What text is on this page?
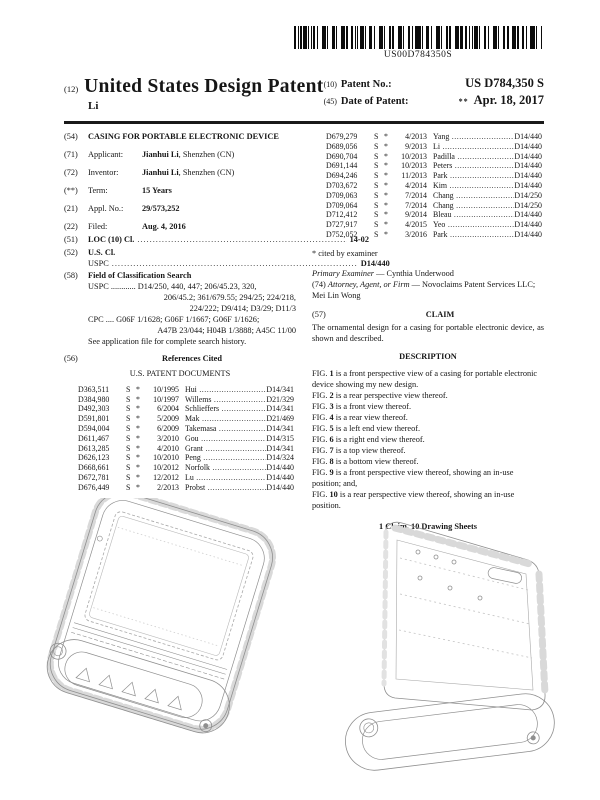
US00D784350S
(12) United States Design Patent
Li
(10) Patent No.:	US D784,350 S
(45) Date of Patent:	** Apr. 18, 2017
(54)	CASING FOR PORTABLE ELECTRONIC DEVICE
(71)	Applicant: Jianhui Li, Shenzhen (CN)
(72)	Inventor:	Jianhui Li, Shenzhen (CN)
(**)	Term:	15 Years
(21)	Appl. No.: 29/573,252
(22)	Filed:	Aug. 4, 2016
(51)	LOC (10) Cl. .....	14-02
(52)	U.S. Cl.
USPC .....	D14/440
(58)	Field of Classification Search
USPC ............ D14/250, 440, 447; 206/45.23, 320,
206/45.2; 361/679.55; 294/25; 224/218,
224/222; D9/414; D3/29; D11/3
CPC .... G06F 1/1628; G06F 1/1667; G06F 1/1626;
A47B 23/044; H04B 1/3888; A45C 11/00
See application file for complete search history.
(56)	References Cited
U.S. PATENT DOCUMENTS
D363,511	S *	10/1995 Hui .....	D14/341
D384,980	S *	10/1997 Willems .....	D21/329
D492,303	S *	6/2004 Schlieffers .....	D14/341
D591,801	S *	5/2009 Mak .....	D21/469
D594,004	S *	6/2009 Takemasa .....	D14/341
D611,467	S *	3/2010 Gou .....	D14/315
D613,285	S *	4/2010 Grant .....	D14/341
D626,123	S *	10/2010 Peng .....	D14/324
D668,661	S *	10/2012 Norfolk .....	D14/440
D672,781	S *	12/2012 Lu .....	D14/440
D676,449	S *	2/2013 Probst .....	D14/440
D679,279	S *	4/2013 Yang .....	D14/440
D689,056	S *	9/2013 Li .....	D14/440
D690,704	S *	10/2013 Padilla .....	D14/440
D691,144	S *	10/2013 Peters .....	D14/440
D694,246	S *	11/2013 Park .....	D14/440
D703,672	S *	4/2014 Kim .....	D14/440
D709,063	S *	7/2014 Chang .....	D14/250
D709,064	S *	7/2014 Chang .....	D14/250
D712,412	S *	9/2014 Bleau .....	D14/440
D727,917	S *	4/2015 Yeo .....	D14/440
D752,052	S *	3/2016 Park .....	D14/440
* cited by examiner
Primary Examiner — Cynthia Underwood
(74) Attorney, Agent, or Firm — Novoclaims Patent Services LLC; Mei Lin Wong
(57)	CLAIM
The ornamental design for a casing for portable electronic device, as shown and described.
DESCRIPTION
FIG. 1 is a front perspective view of a casing for portable electronic device showing my new design.
FIG. 2 is a rear perspective view thereof.
FIG. 3 is a front view thereof.
FIG. 4 is a rear view thereof.
FIG. 5 is a left end view thereof.
FIG. 6 is a right end view thereof.
FIG. 7 is a top view thereof.
FIG. 8 is a bottom view thereof.
FIG. 9 is a front perspective view thereof, showing an in-use position; and,
FIG. 10 is a rear perspective view thereof, showing an in-use position.
1 Claim, 10 Drawing Sheets
